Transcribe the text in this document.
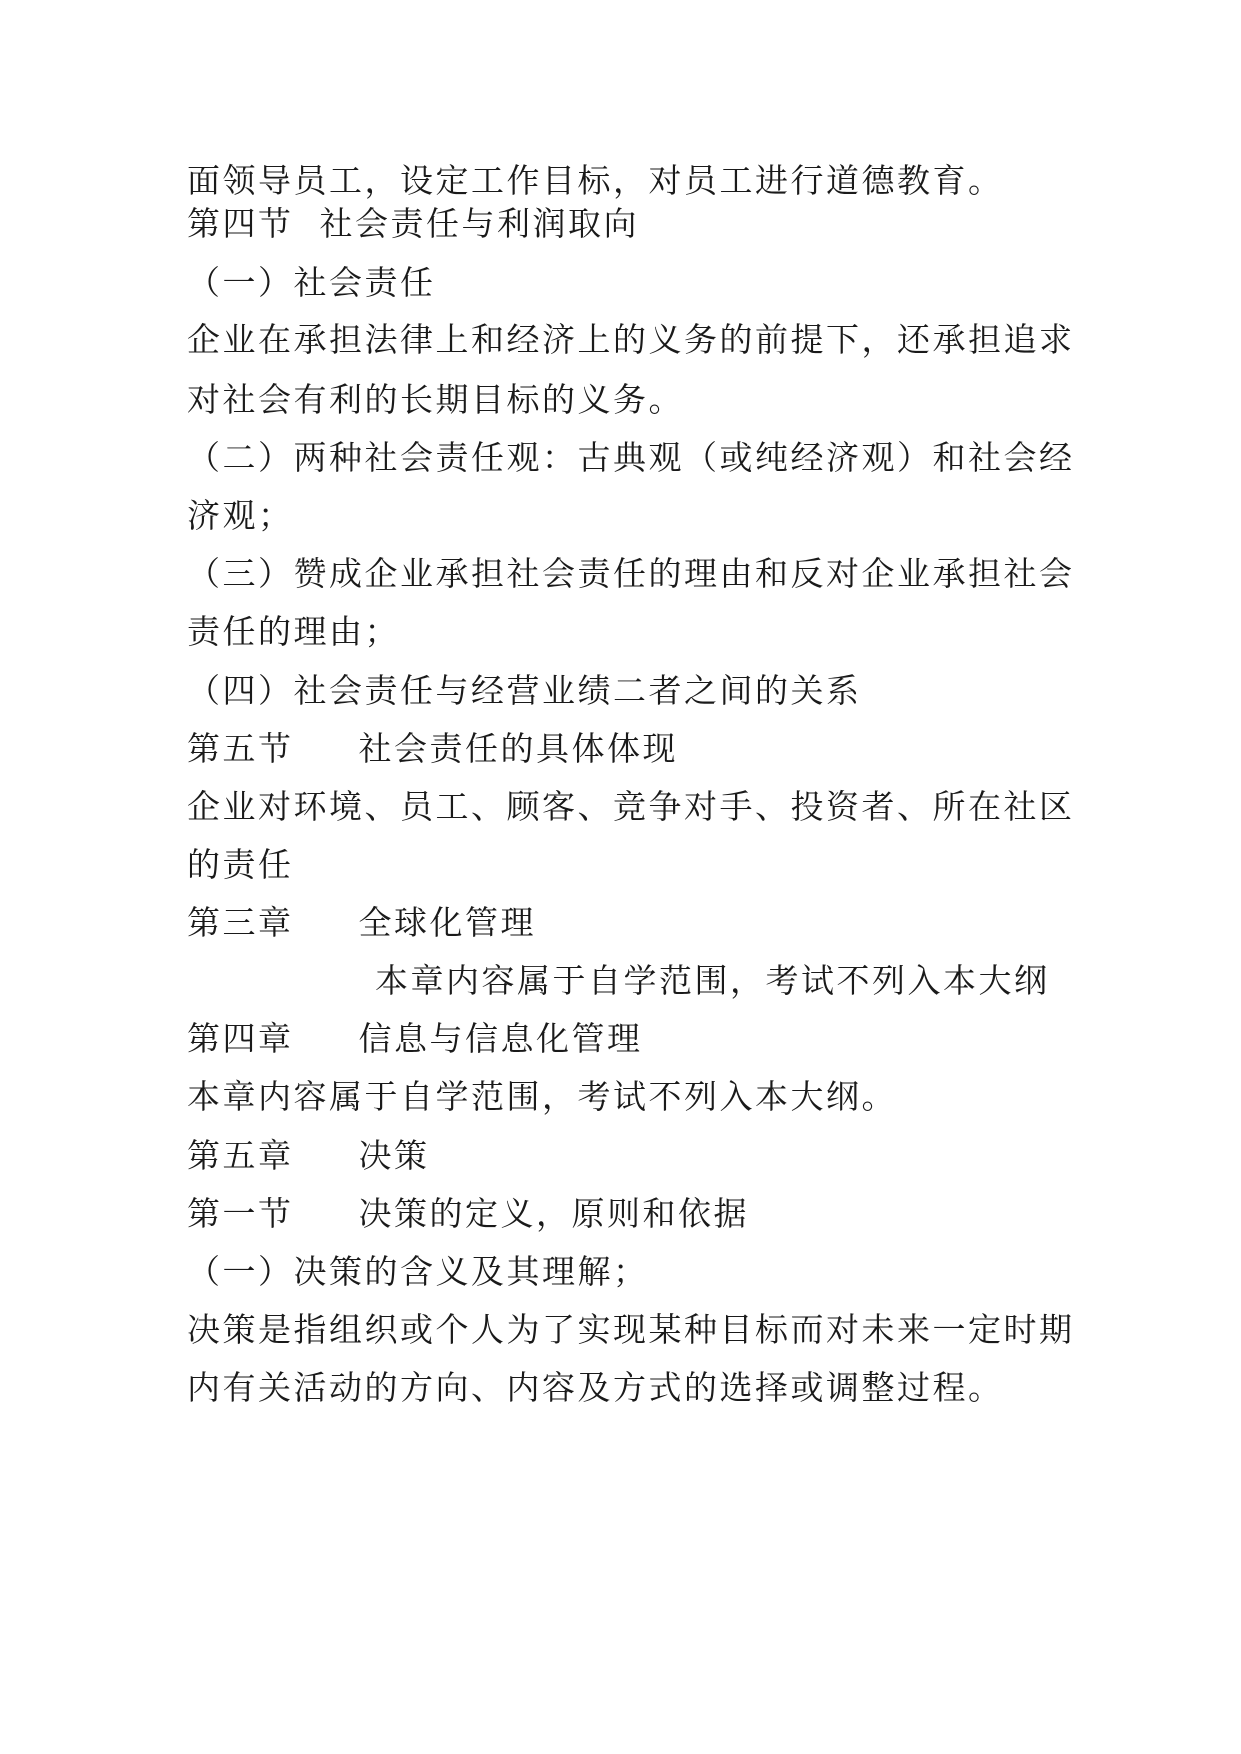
面领导员工，设定工作目标，对员工进行道德教育。

第四节  社会责任与利润取向

（一）社会责任

企业在承担法律上和经济上的义务的前提下，还承担追求

对社会有利的长期目标的义务。

（二）两种社会责任观：古典观（或纯经济观）和社会经

济观；

（三）赞成企业承担社会责任的理由和反对企业承担社会

责任的理由；

（四）社会责任与经营业绩二者之间的关系

第五节     社会责任的具体体现

企业对环境、员工、顾客、竞争对手、投资者、所在社区

的责任

第三章     全球化管理

本章内容属于自学范围，考试不列入本大纲

第四章     信息与信息化管理

本章内容属于自学范围，考试不列入本大纲。

第五章     决策

第一节     决策的定义，原则和依据

（一）决策的含义及其理解；

决策是指组织或个人为了实现某种目标而对未来一定时期

内有关活动的方向、内容及方式的选择或调整过程。
